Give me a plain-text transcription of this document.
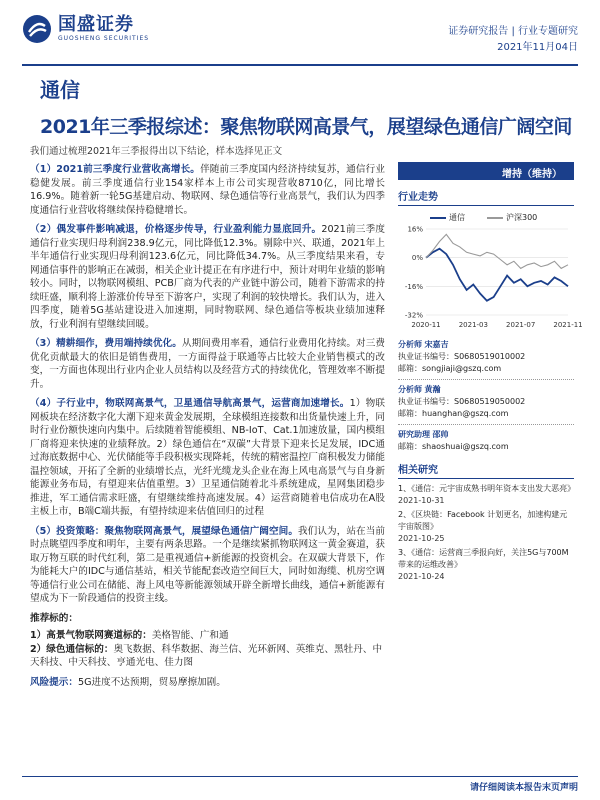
国盛证券
GUOSHENG SECURITIES
证券研究报告 | 行业专题研究
2021年11月04日
通信
2021年三季报综述：聚焦物联网高景气，展望绿色通信广阔空间
我们通过梳理2021年三季报得出以下结论，样本选择见正文

（1）2021前三季度行业营收高增长。伴随前三季度国内经济持续复苏，通信行业稳健发展。前三季度通信行业154家样本上市公司实现营收8710亿，同比增长16.9%。随着新一轮5G基建启动、物联网、绿色通信等行业高景气，我们认为四季度通信行业营收将继续保持稳健增长。

（2）偶发事件影响减退，价格逐步传导，行业盈利能力显底回升。2021前三季度通信行业实现归母利润238.9亿元，同比降低12.3%。剔除中兴、联通，2021年上半年通信行业实现归母利润123.6亿元，同比降低34.7%。从三季度结果来看，专网通信事件的影响正在减弱，相关企业计提正在有序进行中，预计对明年业绩的影响较小。同时，以物联网模组、PCB厂商为代表的产业链中游公司，随着下游需求的持续旺盛，顺利将上游涨价传导至下游客户，实现了利润的较快增长。我们认为，进入四季度，随着5G基站建设进入加速期，同时物联网、绿色通信等板块业绩加速释放，行业利润有望继续回暖。

（3）精耕细作，费用端持续优化。从期间费用率看，通信行业费用化持续。对三费优化贡献最大的依旧是销售费用，一方面得益于联通等占比较大企业销售模式的改变，一方面也体现出行业内企业人员结构以及经营方式的持续优化，管理效率不断提升。

（4）子行业中，物联网高景气，卫星通信导航高景气，运营商加速增长。1）物联网板块在经济数字化大潮下迎来黄金发展期，全球模组连接数和出货量快速上升，同时行业份额快速向内集中。后续随着智能模组、NB-IoT、Cat.1加速放量，国内模组厂商将迎来快速的业绩释放。2）绿色通信在“双碳”大背景下迎来长足发展，IDC通过海底数据中心、光伏储能等手段积极实现降耗，传统的精密温控厂商积极发力储能温控领域，开拓了全新的业绩增长点，光纤光缆龙头企业在海上风电高景气与自身新能源业务布局，有望迎来估值重塑。3）卫星通信随着北斗系统建成，星网集团稳步推进，军工通信需求旺盛，有望继续维持高速发展。4）运营商随着电信成功在A股主板上市，B端C端共振，有望持续迎来估值回归的过程

（5）投资策略：聚焦物联网高景气，展望绿色通信广阔空间。我们认为，站在当前时点眺望四季度和明年，主要有两条思路。一个是继续紧抓物联网这一黄金赛道，获取万物互联的时代红利，第二是重视通信+新能源的投资机会。在双碳大背景下，作为能耗大户的IDC与通信基站，相关节能配套改造空间巨大，同时如海缆、机房空调等通信行业公司在储能、海上风电等新能源领域开辟全新增长曲线，通信+新能源有望成为下一阶段通信的投资主线。

推荐标的：
1）高景气物联网赛道标的：美格智能、广和通
2）绿色通信标的：奥飞数据、科华数据、海兰信、光环新网、英维克、黑牡丹、中天科技、中天科技、亨通光电、佳力图
风险提示：5G进度不达预期，贸易摩擦加剧。
增持（维持）
行业走势
通信	沪深300
16%
0%
-16%
-32%
2020-11	2021-03	2021-07	2021-11
分析师 宋嘉吉
执业证书编号：S0680519010002
邮箱：songjiaji@gszq.com
分析师 黄瀚
执业证书编号：S0680519050002
邮箱：huanghan@gszq.com
研究助理 邵帅
邮箱：shaoshuai@gszq.com
相关研究
1、《通信：元宇宙成熟书明年资本支出发大恶亮》
2021-10-31
2、《区块链：Facebook 计划更名，加速构建元宇宙版图》
2021-10-25
3、《通信：运营商三季报向好，关注5G与700M带来的运维改善》
2021-10-24
请仔细阅读本报告末页声明
